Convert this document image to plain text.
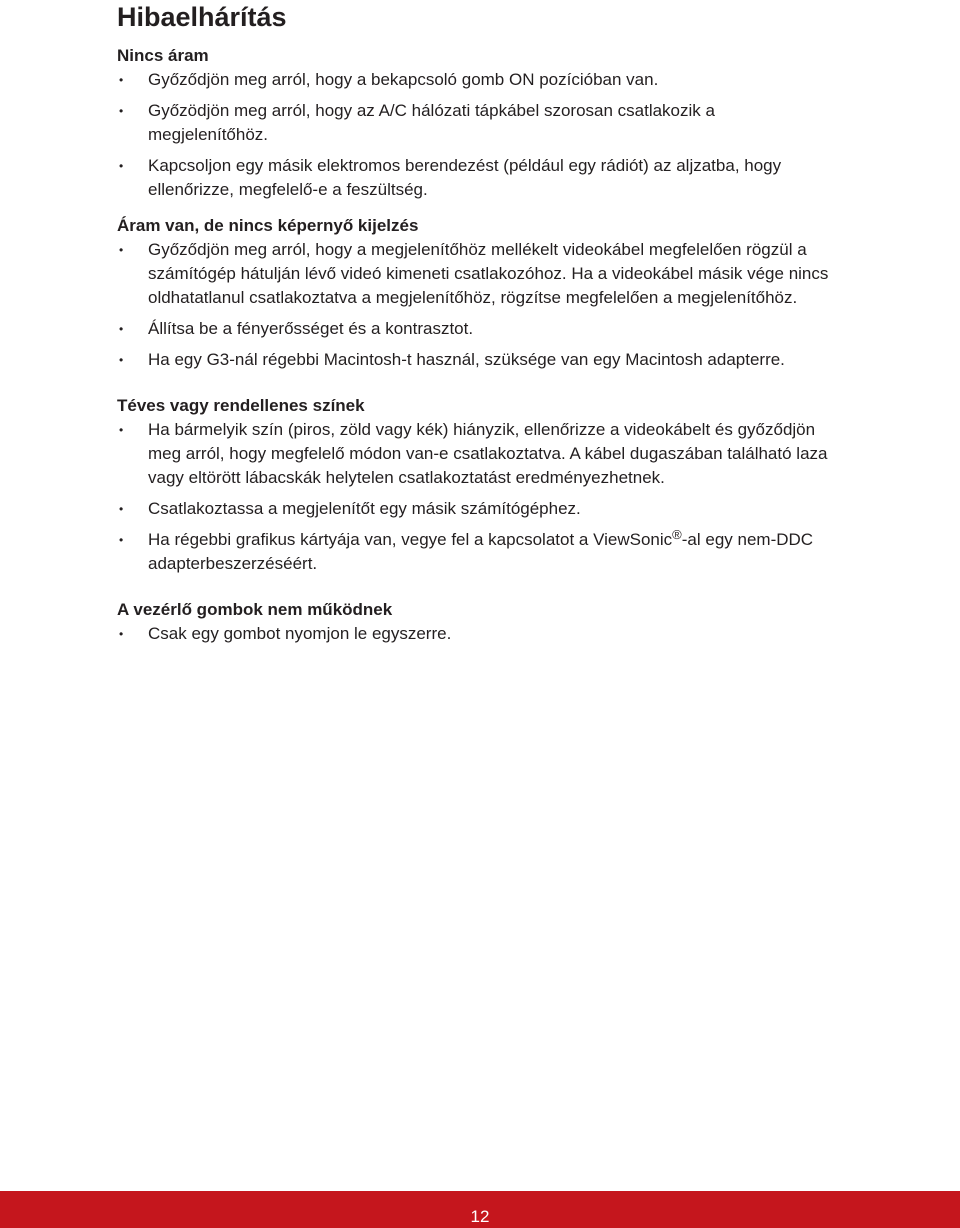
Hibaelhárítás
Nincs áram
•	Győződjön meg arról, hogy a bekapcsoló gomb ON pozícióban van.
•	Győzödjön meg arról, hogy az A/C hálózati tápkábel szorosan csatlakozik a megjelenítőhöz.
•	Kapcsoljon egy másik elektromos berendezést (például egy rádiót) az aljzatba, hogy ellenőrizze, megfelelő-e a feszültség.
Áram van, de nincs képernyő kijelzés
•	Győződjön meg arról, hogy a megjelenítőhöz mellékelt videokábel megfelelően rögzül a számítógép hátulján lévő videó kimeneti csatlakozóhoz. Ha a videokábel másik vége nincs oldhatatlanul csatlakoztatva a megjelenítőhöz, rögzítse megfelelően a megjelenítőhöz.
•	Állítsa be a fényerősséget és a kontrasztot.
•	Ha egy G3-nál régebbi Macintosh-t használ, szüksége van egy Macintosh adapterre.
Téves vagy rendellenes színek
•	Ha bármelyik szín (piros, zöld vagy kék) hiányzik, ellenőrizze a videokábelt és győződjön meg arról, hogy megfelelő módon van-e csatlakoztatva. A kábel dugaszában található laza vagy eltörött lábacskák helytelen csatlakoztatást eredményezhetnek.
•	Csatlakoztassa a megjelenítőt egy másik számítógéphez.
•	Ha régebbi grafikus kártyája van, vegye fel a kapcsolatot a ViewSonic®-al egy nem-DDC adapterbeszerzéséért.
A vezérlő gombok nem működnek
•	Csak egy gombot nyomjon le egyszerre.
12
